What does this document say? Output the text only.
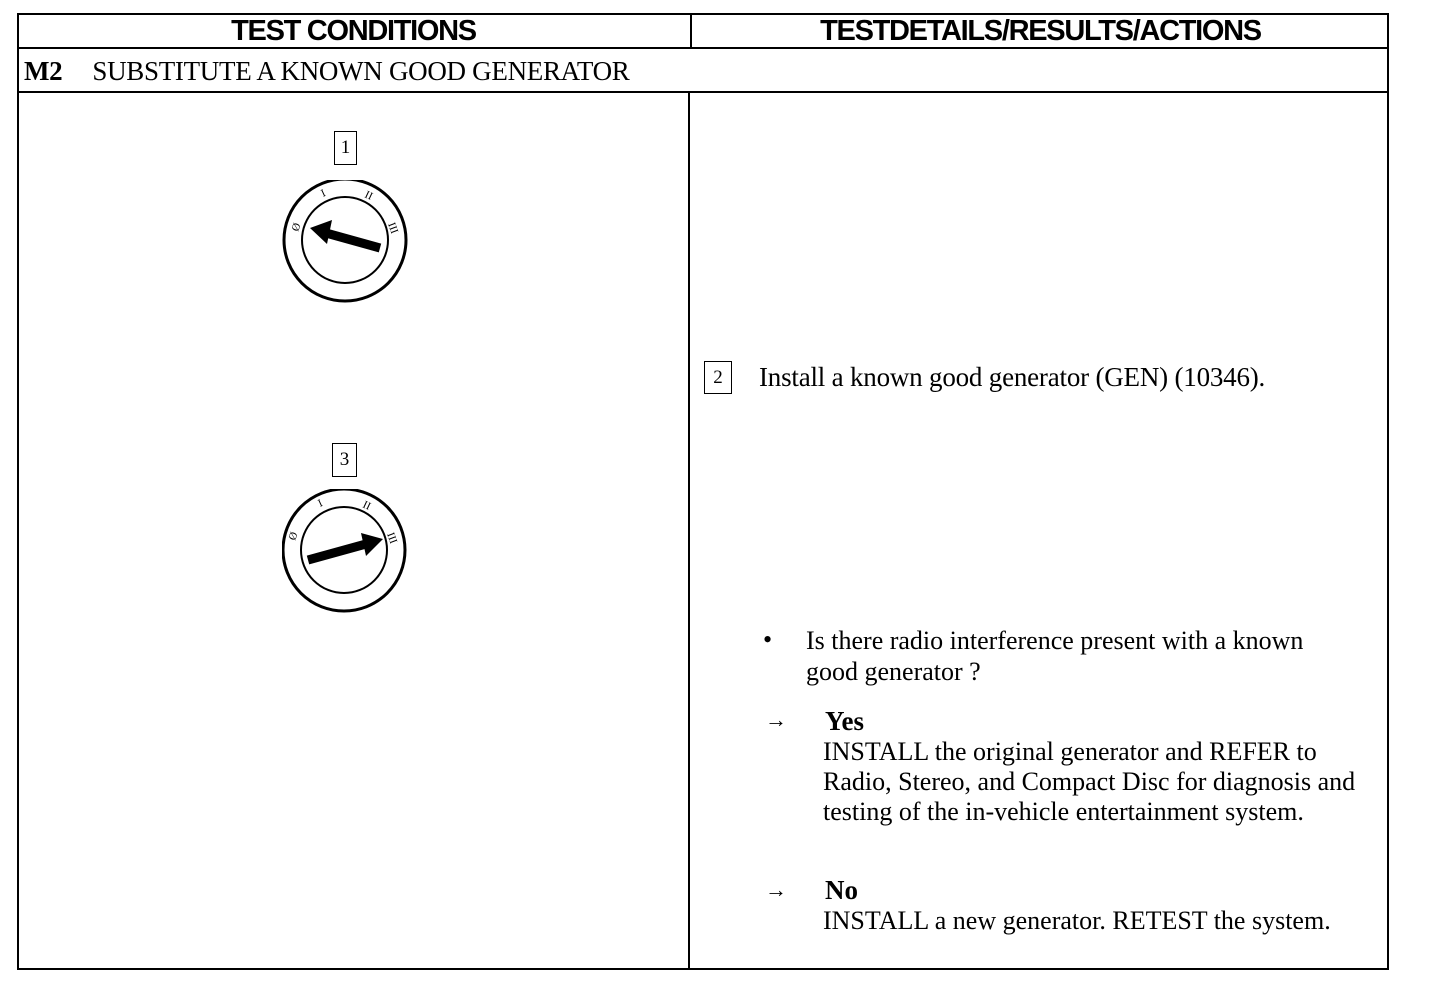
TEST CONDITIONS	TESTDETAILS/RESULTS/ACTIONS
M2 SUBSTITUTE A KNOWN GOOD GENERATOR
1
Ø
I	II
III
3
Ø
I	II
III
2	Install a known good generator (GEN) (10346).
• Is there radio interference present with a known good generator ?
→ Yes
INSTALL the original generator and REFER to Radio, Stereo, and Compact Disc for diagnosis and testing of the in-vehicle entertainment system.
→ No
INSTALL a new generator. RETEST the system.
